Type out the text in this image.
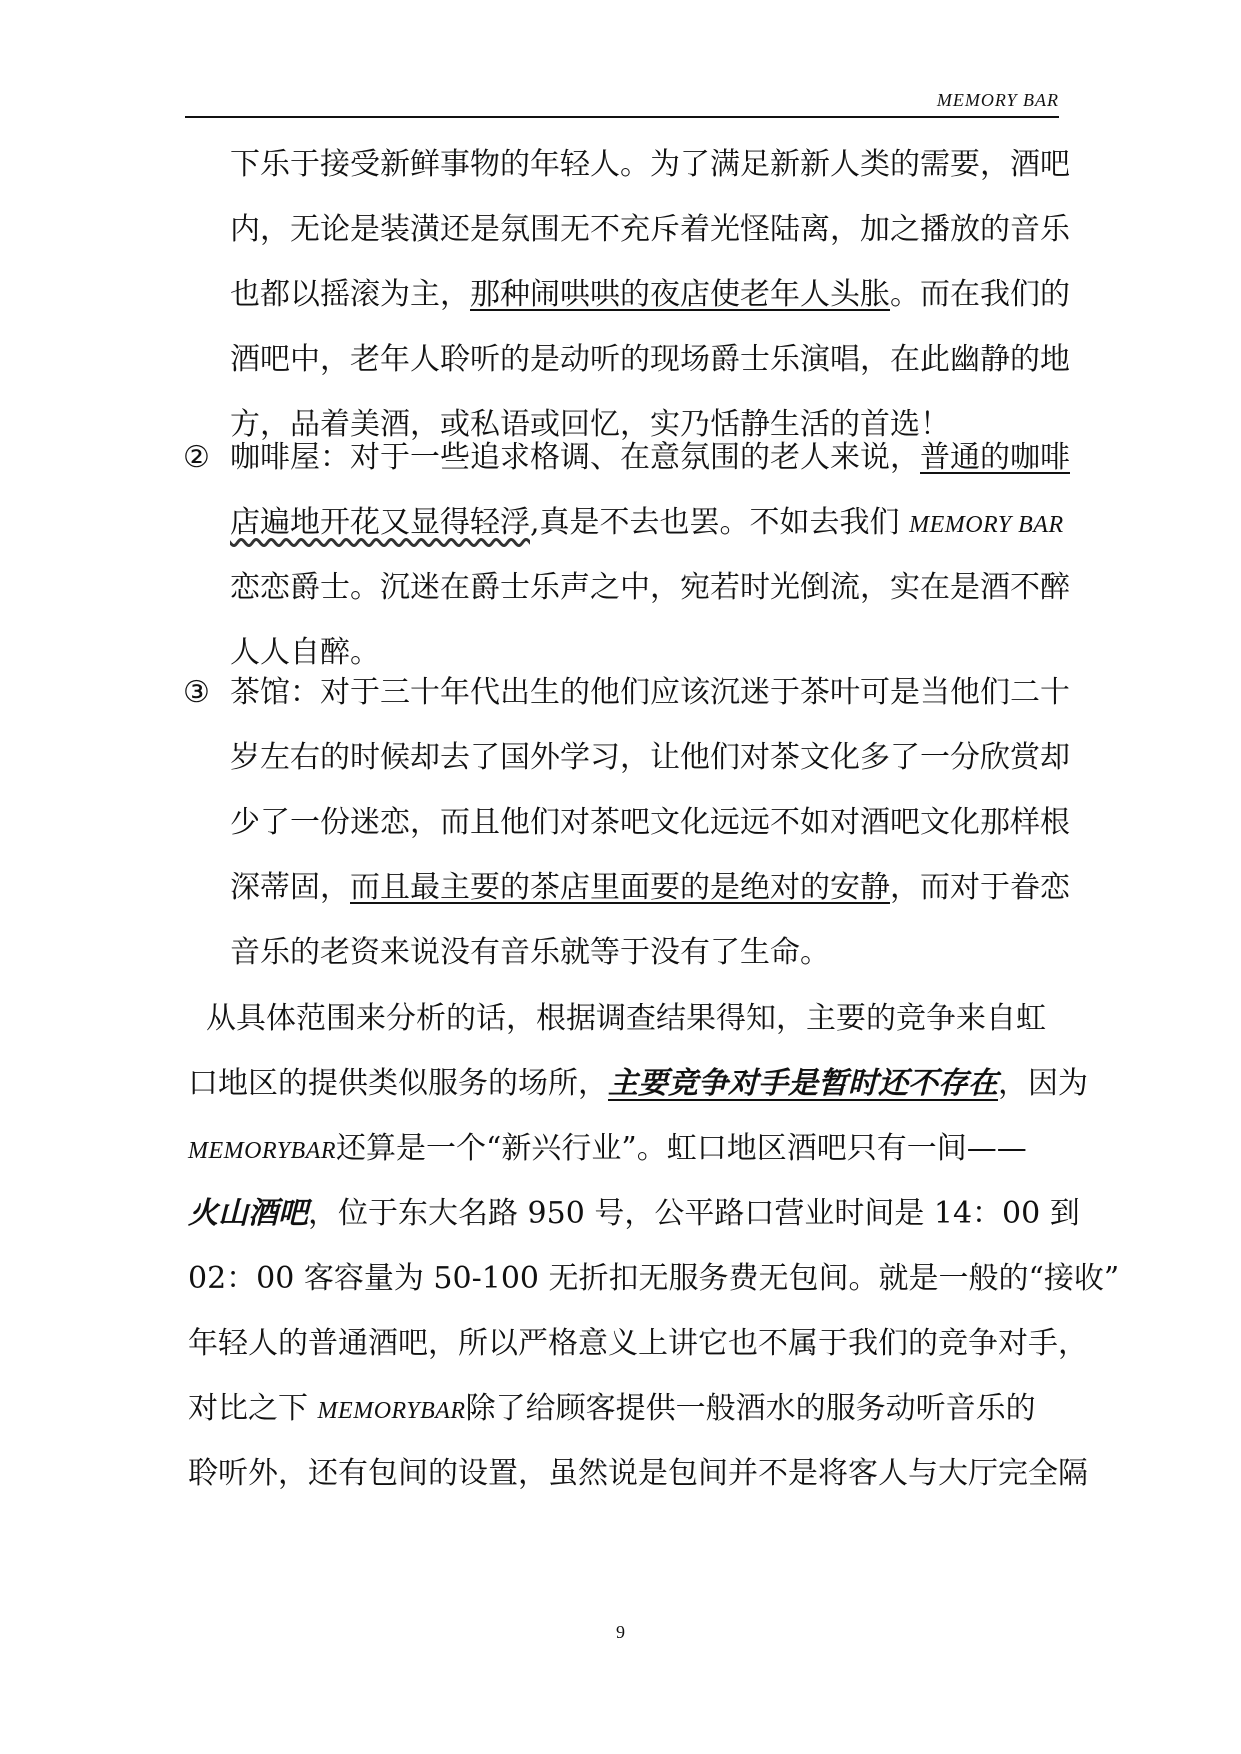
MEMORY BAR
下乐于接受新鲜事物的年轻人。为了满足新新人类的需要，酒吧
内，无论是装潢还是氛围无不充斥着光怪陆离，加之播放的音乐
也都以摇滚为主，那种闹哄哄的夜店使老年人头胀。而在我们的
酒吧中，老年人聆听的是动听的现场爵士乐演唱，在此幽静的地
方，品着美酒，或私语或回忆，实乃恬静生活的首选！
② 咖啡屋：对于一些追求格调、在意氛围的老人来说，普通的咖啡
店遍地开花又显得轻浮,真是不去也罢。不如去我们 MEMORY BAR
恋恋爵士。沉迷在爵士乐声之中，宛若时光倒流，实在是酒不醉
人人自醉。
③ 茶馆：对于三十年代出生的他们应该沉迷于茶叶可是当他们二十
岁左右的时候却去了国外学习，让他们对茶文化多了一分欣赏却
少了一份迷恋，而且他们对茶吧文化远远不如对酒吧文化那样根
深蒂固，而且最主要的茶店里面要的是绝对的安静，而对于眷恋
音乐的老资来说没有音乐就等于没有了生命。
从具体范围来分析的话，根据调查结果得知，主要的竞争来自虹
口地区的提供类似服务的场所，主要竞争对手是暂时还不存在，因为
MEMORYBAR还算是一个“新兴行业”。虹口地区酒吧只有一间——
火山酒吧，位于东大名路 950 号，公平路口营业时间是 14：00 到
02：00 客容量为 50-100 无折扣无服务费无包间。就是一般的“接收”
年轻人的普通酒吧，所以严格意义上讲它也不属于我们的竞争对手，
对比之下 MEMORYBAR除了给顾客提供一般酒水的服务动听音乐的
聆听外，还有包间的设置，虽然说是包间并不是将客人与大厅完全隔
9
